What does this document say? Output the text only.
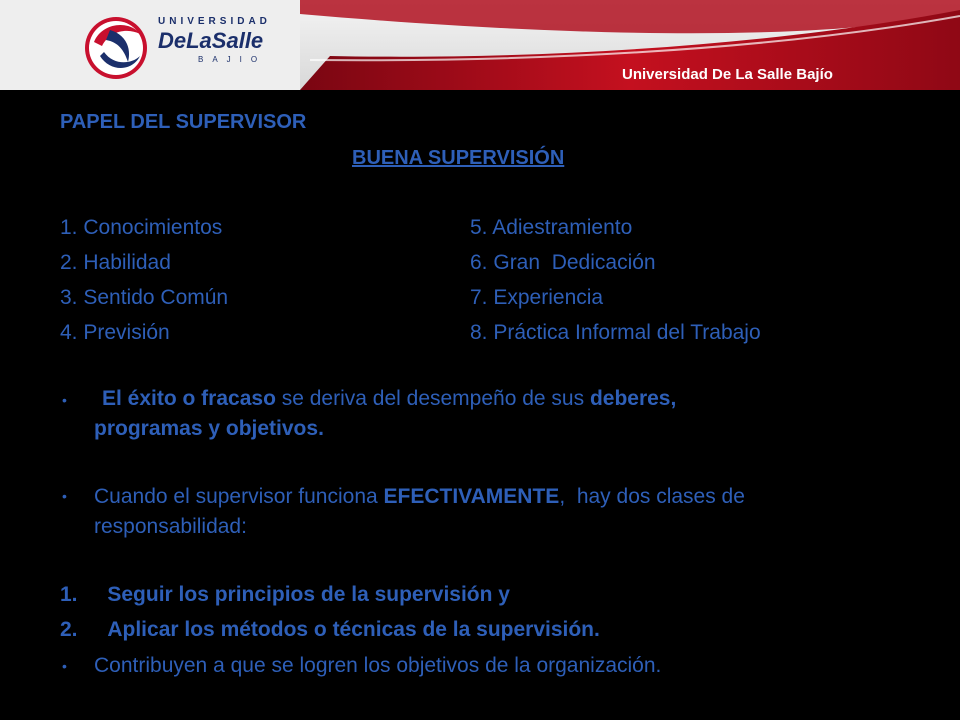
UNIVERSIDAD
DeLaSalle
BAJIO
Universidad De La Salle Bajío
PAPEL DEL SUPERVISOR
BUENA SUPERVISIÓN
1. Conocimientos
2. Habilidad
3. Sentido Común
4. Previsión
5. Adiestramiento
6. Gran  Dedicación
7. Experiencia
8. Práctica Informal del Trabajo
• El éxito o fracaso se deriva del desempeño de sus deberes,
programas y objetivos.
• Cuando el supervisor funciona EFECTIVAMENTE,  hay dos clases de
responsabilidad:
1. Seguir los principios de la supervisión y
2. Aplicar los métodos o técnicas de la supervisión.
• Contribuyen a que se logren los objetivos de la organización.
